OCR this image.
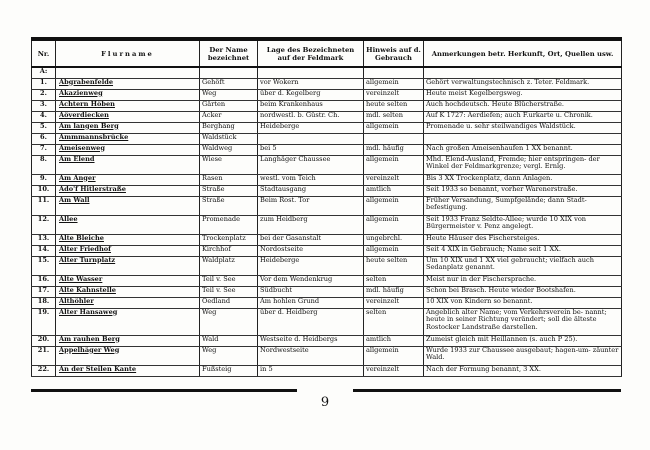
Nr.	Flurname	Der Name bezeichnet	Lage des Bezeichneten auf der Feldmark	Hinweis auf d. Gebrauch	Anmerkungen betr. Herkunft, Ort, Quellen usw.
A:					
1.	Abgrabenfelde	Gehöft	vor Wokern	allgemein	Gehört verwaltungstechnisch z. Teter. Feldmark.
2.	Akazienweg	Weg	über d. Kegelberg	vereinzelt	Heute meist Kegelbergsweg.
3.	Achtern Höben	Gärten	beim Krankenhaus	heute selten	Auch hochdeutsch. Heute Blücherstraße.
4.	Aöverdiecken	Acker	nordwestl. b. Güstr. Ch.	mdl. selten	Auf K 1727: Aerdiefen; auch F.urkarte u. Chronik.
5.	Am langen Berg	Berghang	Heideberge	allgemein	Promenade u. sehr steilwandiges Waldstück.
6.	Ammmannsbrücke	Waldstück			
7.	Ameisenweg	Waldweg	bei 5	mdl. häufig	Nach großen Ameisenhaufen 1 XX benannt.
8.	Am Elend	Wiese	Langhäger Chaussee	allgemein	Mhd. Elend-Ausland, Fremde; hier entspringen- der Winkel der Feldmarkgrenze; vergl. Ernlg.
9.	Am Anger	Rasen	westl. vom Teich	vereinzelt	Bis 3 XX Trockenplatz, dann Anlagen.
10.	Ado'f Hitlerstraße	Straße	Stadtausgang	amtlich	Seit 1933 so benannt, vorher Warenerstraße.
11.	Am Wall	Straße	Beim Rost. Tor	allgemein	Früher Versandung, Sumpfgelände; dann Stadt- befestigung.
12.	Allee	Promenade	zum Heidberg	allgemein	Seit 1933 Franz Seldte-Allee; wurde 10 XIX von Bürgermeister v. Penz angelegt.
13.	Alte Bleiche	Trockenplatz	bei der Gasanstalt	ungebrchl.	Heute Häuser des Fischersteiges.
14.	Alter Friedhof	Kirchhof	Nordostseite	allgemein	Seit 4 XIX in Gebrauch; Name seit 1 XX.
15.	Alter Turnplatz	Waldplatz	Heideberge	heute selten	Um 10 XIX und 1 XX viel gebraucht; vielfach auch Sedanplatz genannt.
16.	Alte Wasser	Teil v. See	Vor dem Wendenkrug	selten	Meist nur in der Fischersprache.
17.	Alte Kahnstelle	Teil v. See	Südbucht	mdl. häufig	Schon bei Brasch. Heute wieder Bootshafen.
18.	Althöhler	Oedland	Am hohlen Grund	vereinzelt	10 XIX von Kindern so benannt.
19.	Alter Hansaweg	Weg	über d. Heidberg	selten	Angeblich alter Name; vom Verkehrsverein be- nannt; heute in seiner Richtung verändert; soll die älteste Rostocker Landstraße darstellen.
20.	Am rauhen Berg	Wald	Westseite d. Heidbergs	amtlich	Zumeist gleich mit Heillannen (s. auch P 25).
21.	Appelhäger Weg	Weg	Nordwestseite	allgemein	Wurde 1933 zur Chaussee ausgebaut; hagen-um- zäunter Wald.
22.	An der Steilen Kante	Fußsteig	in 5	vereinzelt	Nach der Formung benannt, 3 XX.
9
